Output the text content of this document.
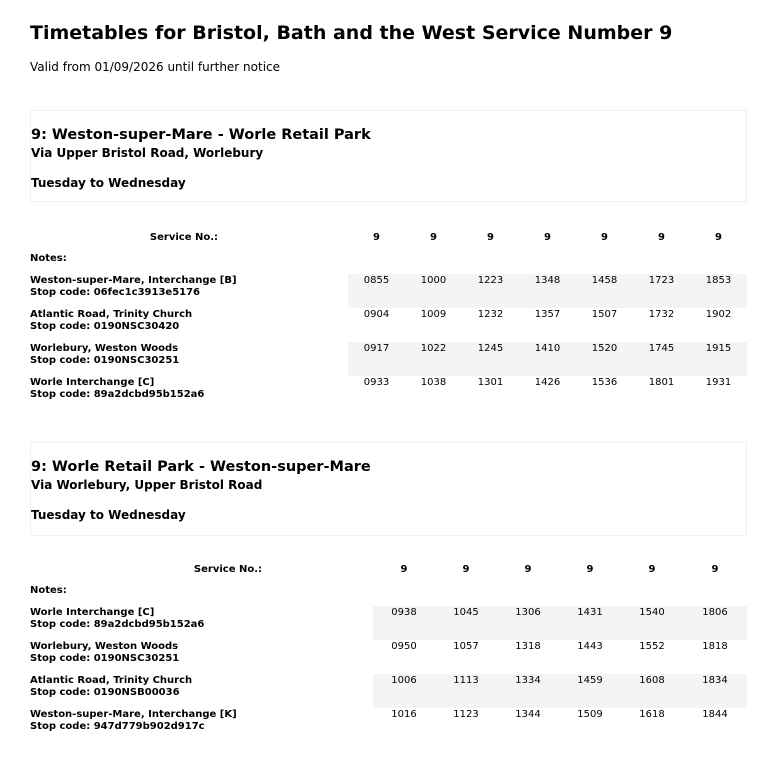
Timetables for Bristol, Bath and the West Service Number 9
Valid from 01/09/2026 until further notice
9: Weston-super-Mare - Worle Retail Park
Via Upper Bristol Road, Worlebury
Tuesday to Wednesday
Service No.:	9	9	9	9	9	9	9
Notes:							

Weston-super-Mare, Interchange [B]
Stop code: 06fec1c3913e5176	0855	1000	1223	1348	1458	1723	1853

Atlantic Road, Trinity Church
Stop code: 0190NSC30420	0904	1009	1232	1357	1507	1732	1902

Worlebury, Weston Woods
Stop code: 0190NSC30251	0917	1022	1245	1410	1520	1745	1915

Worle Interchange [C]
Stop code: 89a2dcbd95b152a6	0933	1038	1301	1426	1536	1801	1931
9: Worle Retail Park - Weston-super-Mare
Via Worlebury, Upper Bristol Road
Tuesday to Wednesday
Service No.:	9	9	9	9	9	9
Notes:						

Worle Interchange [C]
Stop code: 89a2dcbd95b152a6	0938	1045	1306	1431	1540	1806

Worlebury, Weston Woods
Stop code: 0190NSC30251	0950	1057	1318	1443	1552	1818

Atlantic Road, Trinity Church
Stop code: 0190NSB00036	1006	1113	1334	1459	1608	1834

Weston-super-Mare, Interchange [K]
Stop code: 947d779b902d917c	1016	1123	1344	1509	1618	1844
